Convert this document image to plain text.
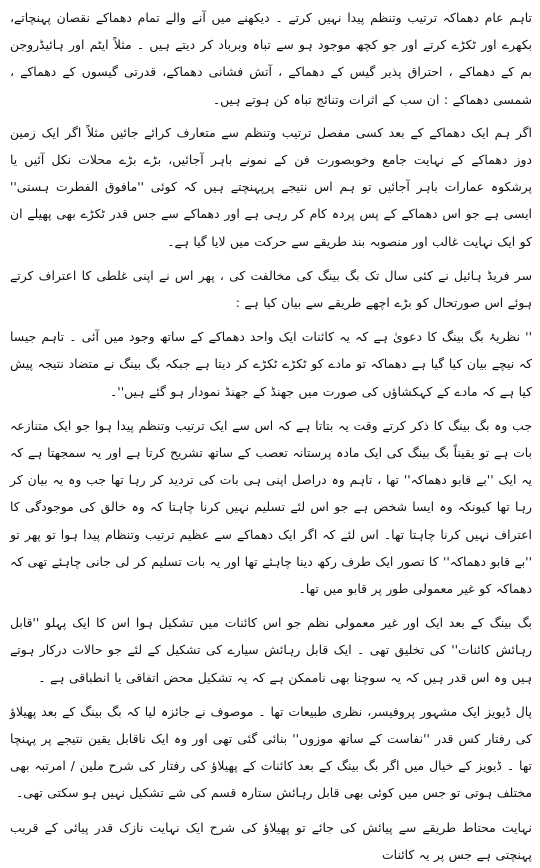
تاہم عام دھماکہ ترتیب وتنظم پیدا نہیں کرتے ۔ دیکھنے میں آنے والے تمام دھماکے نقصان پہنچاتے، بکھرے اور ٹکڑے کرتے اور جو کچھ موجود ہو سے تباہ وبرباد کر دیتے ہیں ۔ مثلاً ایٹم اور ہائیڈروجن بم کے دھماکے ، احتراق پذیر گیس کے دھماکے ، آتش فشانی دھماکے، قدرتی گیسوں کے دھماکے ، شمسی دھماکے : ان سب کے اثرات وتنائج تباہ کن ہوتے ہیں۔

اگر ہم ایک دھماکے کے بعد کسی مفصل ترتیب وتنظم سے متعارف کرائے جائیں مثلاً اگر ایک زمین دوز دھماکے کے نہایت جامع وخوبصورت فن کے نمونے باہر آجائیں، بڑے بڑے محلات نکل آئیں یا پرشکوہ عمارات باہر آجائیں تو ہم اس نتیجے پرپہنچتے ہیں کہ کوئی ''مافوق الفطرت ہستی'' ایسی ہے جو اس دھماکے کے پس پردہ کام کر رہی ہے اور دھماکے سے جس قدر ٹکڑے بھی پھیلے ان کو ایک نہایت غالب اور منصوبہ بند طریقے سے حرکت میں لایا گیا ہے۔

سر فریڈ ہائیل نے کئی سال تک بگ بینگ کی مخالفت کی ، پھر اس نے اپنی غلطی کا اعتراف کرتے ہوئے اس صورتحال کو بڑے اچھے طریقے سے بیان کیا ہے :

'' نظریۂ بگ بینگ کا دعویٰ ہے کہ یہ کائنات ایک واحد دھماکے کے ساتھ وجود میں آئی ۔ تاہم جیسا کہ نیچے بیان کیا گیا ہے دھماکہ تو مادے کو ٹکڑے ٹکڑے کر دیتا ہے جبکہ بگ بینگ نے متضاد نتیجہ پیش کیا ہے کہ مادے کے کہکشاؤں کی صورت میں جھنڈ کے جھنڈ نمودار ہو گئے ہیں''۔

جب وہ بگ بینگ کا ذکر کرتے وقت یہ بتاتا ہے کہ اس سے ایک ترتیب وتنظم پیدا ہوا جو ایک متنازعہ بات ہے تو یقیناً بگ بینگ کی ایک مادہ پرستانہ تعصب کے ساتھ تشریح کرتا ہے اور یہ سمجھتا ہے کہ یہ ایک ''بے قابو دھماکہ'' تھا ، تاہم وہ دراصل اپنی ہی بات کی تردید کر رہا تھا جب وہ یہ بیان کر رہا تھا کیونکہ وہ ایسا شخص ہے جو اس لئے تسلیم نہیں کرنا چاہتا کہ وہ خالق کی موجودگی کا اعتراف نہیں کرنا چاہتا تھا۔ اس لئے کہ اگر ایک دھماکے سے عظیم ترتیب وتنظام پیدا ہوا تو پھر تو ''بے قابو دھماکہ'' کا تصور ایک طرف رکھ دینا چاہئے تھا اور یہ بات تسلیم کر لی جانی چاہئے تھی کہ دھماکہ کو غیر معمولی طور پر قابو میں تھا۔

بگ بینگ کے بعد ایک اور غیر معمولی نظم جو اس کائنات میں تشکیل ہوا اس کا ایک پہلو ''قابل رہائش کائنات'' کی تخلیق تھی ۔ ایک قابل رہائش سیارے کی تشکیل کے لئے جو حالات درکار ہوتے ہیں وہ اس قدر ہیں کہ یہ سوچنا بھی ناممکن ہے کہ یہ تشکیل محض اتفاقی یا انطباقی ہے ۔

پال ڈیویز ایک مشہور پروفیسر، نظری طبیعات تھا ۔ موصوف نے جائزہ لیا کہ بگ بینگ کے بعد پھیلاؤ کی رفتار کس قدر ''نفاست کے ساتھ موزوں'' بنائی گئی تھی اور وہ ایک ناقابل یقین نتیجے پر پہنچا تھا ۔ ڈیویز کے خیال میں اگر بگ بینگ کے بعد کائنات کے پھیلاؤ کی رفتار کی شرح ملین / امرتبہ بھی مختلف ہوتی تو جس میں کوئی بھی قابل رہائش ستارہ قسم کی شے تشکیل نہیں ہو سکتی تھی۔

نہایت محتاط طریقے سے پیائش کی جائے تو پھیلاؤ کی شرح ایک نہایت نازک قدر پیائی کے قریب پہنچتی ہے جس پر یہ کائنات
